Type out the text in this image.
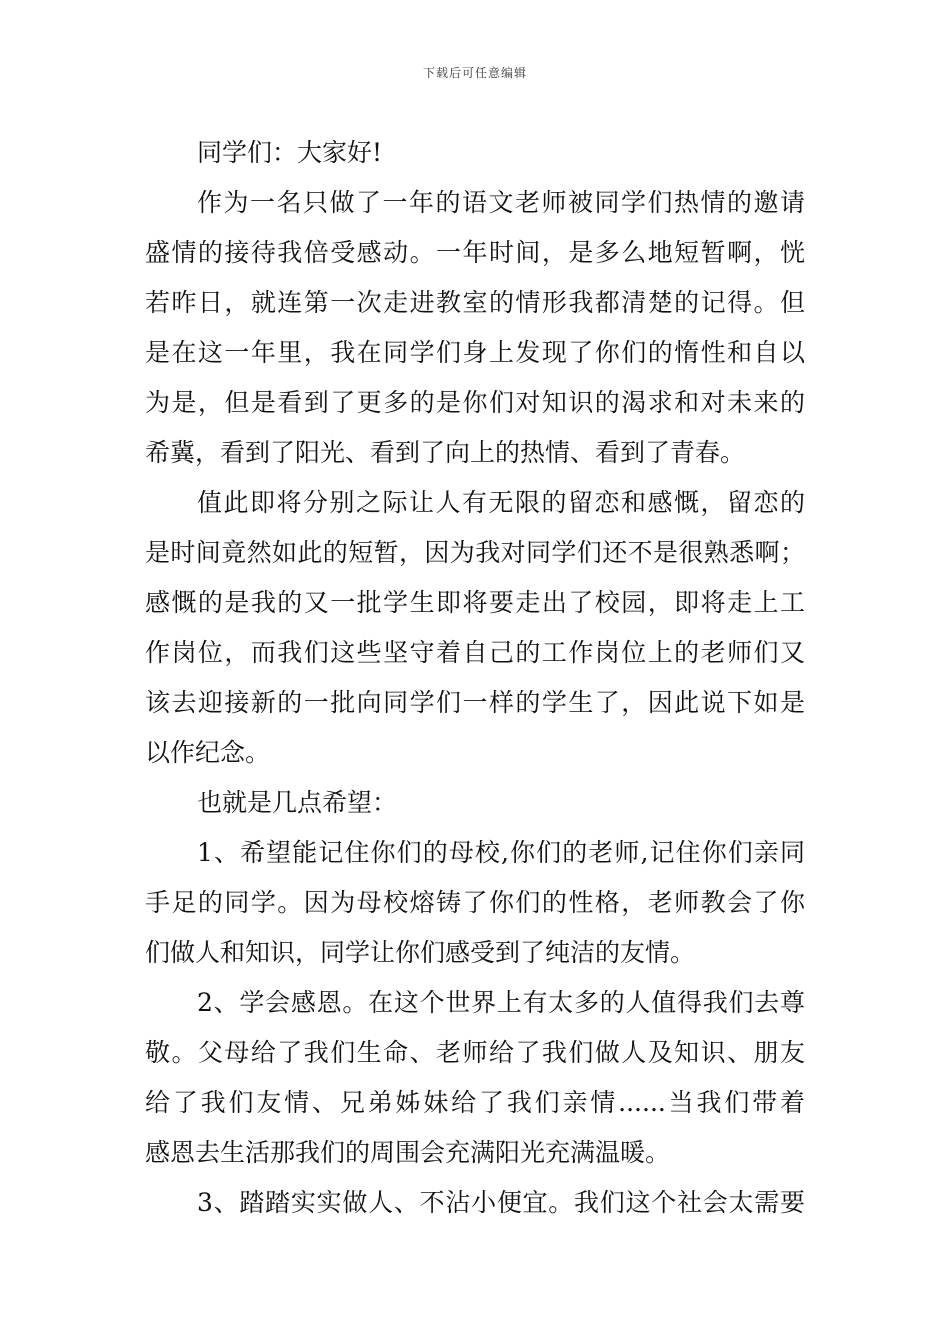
下载后可任意编辑
同学们：大家好!
作为一名只做了一年的语文老师被同学们热情的邀请
盛情的接待我倍受感动。一年时间，是多么地短暂啊，恍
若昨日，就连第一次走进教室的情形我都清楚的记得。但
是在这一年里，我在同学们身上发现了你们的惰性和自以
为是，但是看到了更多的是你们对知识的渴求和对未来的
希冀，看到了阳光、看到了向上的热情、看到了青春。
值此即将分别之际让人有无限的留恋和感慨，留恋的
是时间竟然如此的短暂，因为我对同学们还不是很熟悉啊；
感慨的是我的又一批学生即将要走出了校园，即将走上工
作岗位，而我们这些坚守着自己的工作岗位上的老师们又
该去迎接新的一批向同学们一样的学生了，因此说下如是
以作纪念。
也就是几点希望：
1、希望能记住你们的母校,你们的老师,记住你们亲同
手足的同学。因为母校熔铸了你们的性格，老师教会了你
们做人和知识，同学让你们感受到了纯洁的友情。
2、学会感恩。在这个世界上有太多的人值得我们去尊
敬。父母给了我们生命、老师给了我们做人及知识、朋友
给了我们友情、兄弟姊妹给了我们亲情......当我们带着
感恩去生活那我们的周围会充满阳光充满温暖。
3、踏踏实实做人、不沾小便宜。我们这个社会太需要
